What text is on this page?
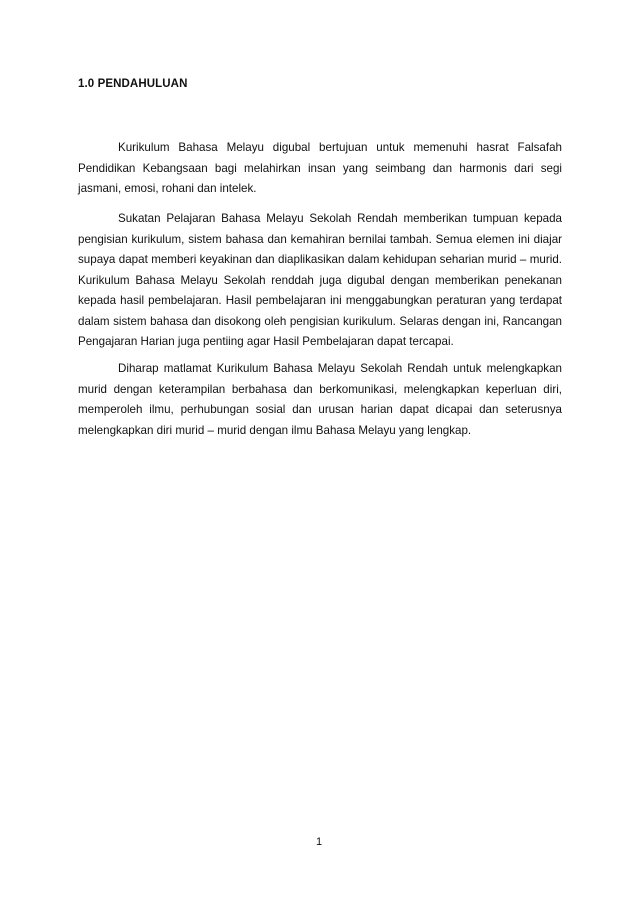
1.0 PENDAHULUAN

Kurikulum Bahasa Melayu digubal bertujuan untuk memenuhi hasrat Falsafah Pendidikan Kebangsaan bagi melahirkan insan yang seimbang dan harmonis dari segi jasmani, emosi, rohani dan intelek.

Sukatan Pelajaran Bahasa Melayu Sekolah Rendah memberikan tumpuan kepada pengisian kurikulum, sistem bahasa dan kemahiran bernilai tambah. Semua elemen ini diajar supaya dapat memberi keyakinan dan diaplikasikan dalam kehidupan seharian murid – murid. Kurikulum Bahasa Melayu Sekolah renddah juga digubal dengan memberikan penekanan kepada hasil pembelajaran. Hasil pembelajaran ini menggabungkan peraturan yang terdapat dalam sistem bahasa dan disokong oleh pengisian kurikulum. Selaras dengan ini, Rancangan Pengajaran Harian juga pentiing agar Hasil Pembelajaran dapat tercapai.

Diharap matlamat Kurikulum Bahasa Melayu Sekolah Rendah untuk melengkapkan murid dengan keterampilan berbahasa dan berkomunikasi, melengkapkan keperluan diri, memperoleh ilmu, perhubungan sosial dan urusan harian dapat dicapai dan seterusnya melengkapkan diri murid – murid dengan ilmu Bahasa Melayu yang lengkap.

1
